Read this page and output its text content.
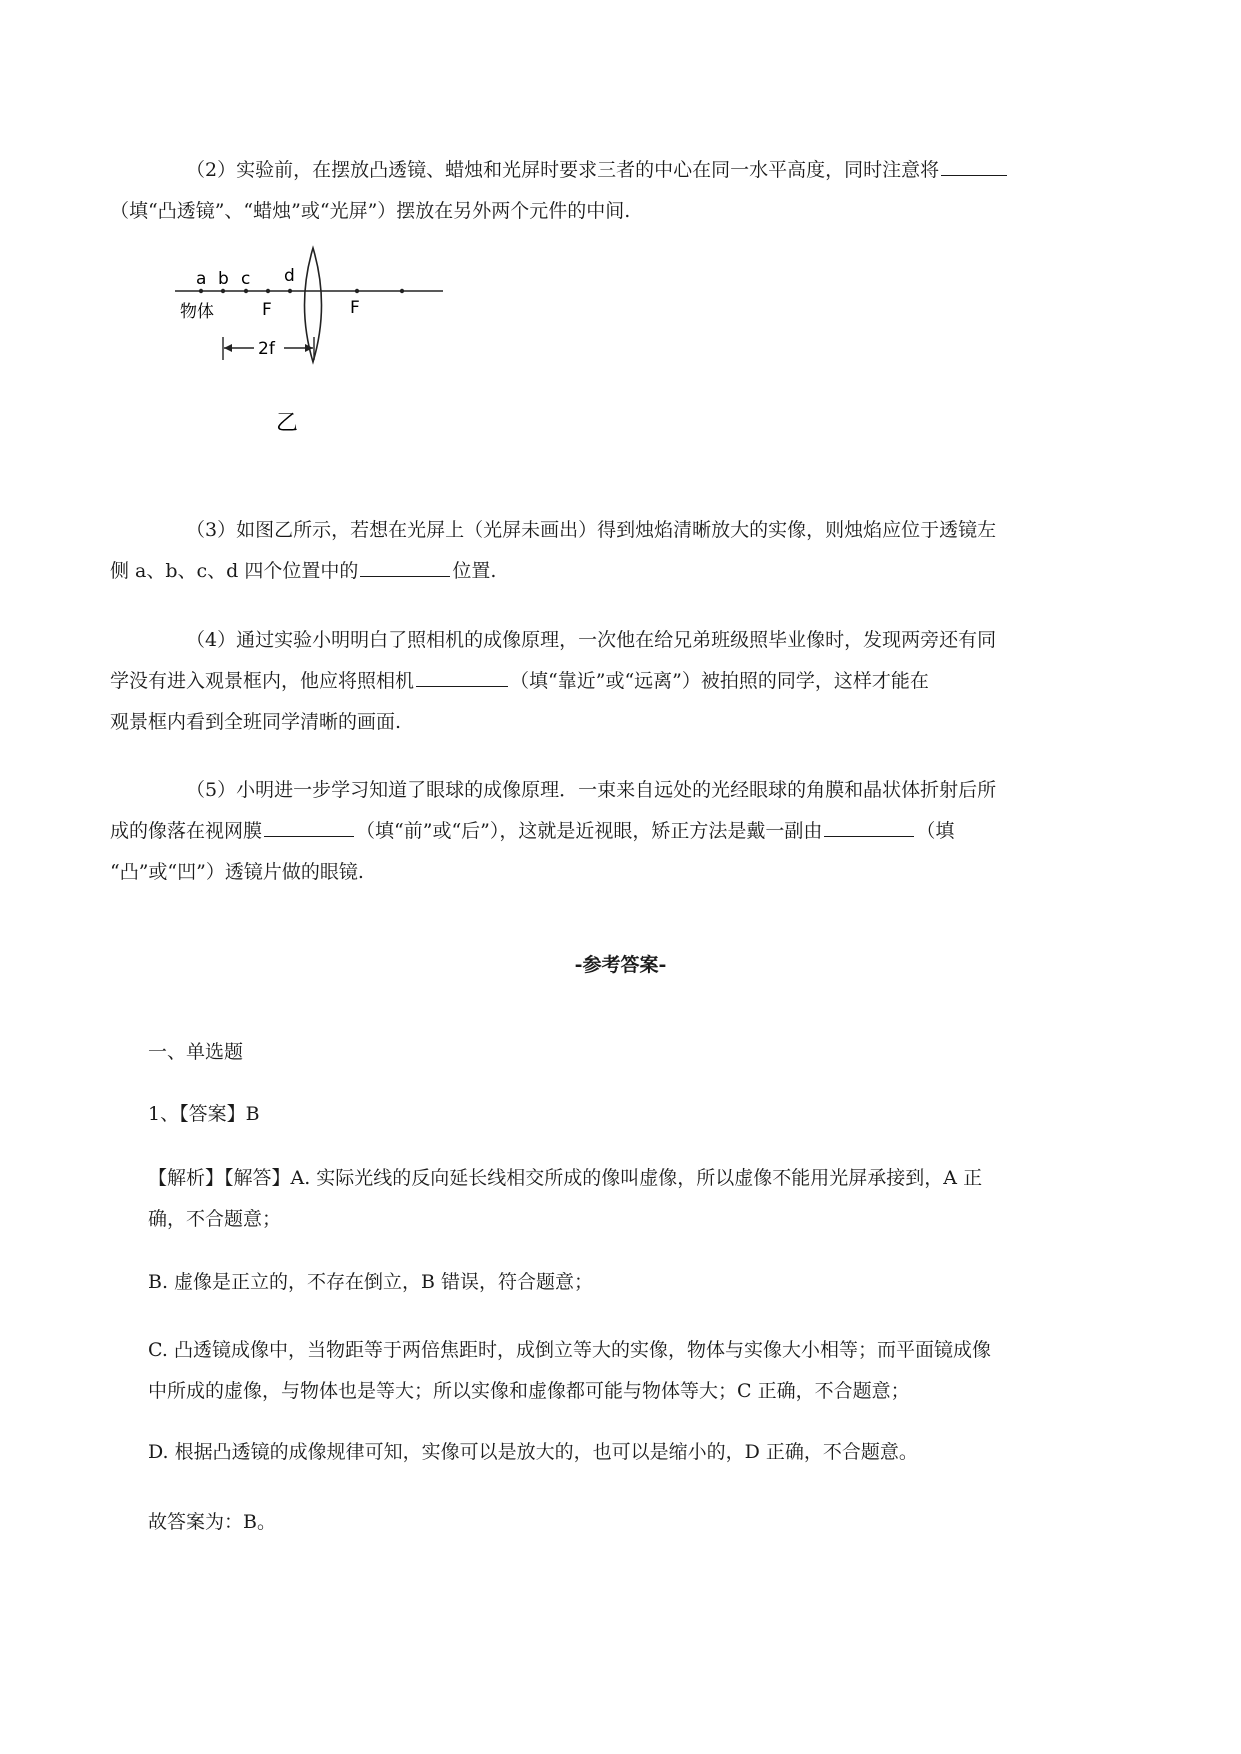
（2）实验前，在摆放凸透镜、蜡烛和光屏时要求三者的中心在同一水平高度，同时注意将
（填“凸透镜”、“蜡烛”或“光屏”）摆放在另外两个元件的中间.

a b c d
物体	F	F
2f
乙

（3）如图乙所示，若想在光屏上（光屏未画出）得到烛焰清晰放大的实像，则烛焰应位于透镜左
侧 a、b、c、d 四个位置中的	位置.

（4）通过实验小明明白了照相机的成像原理，一次他在给兄弟班级照毕业像时，发现两旁还有同
学没有进入观景框内，他应将照相机	（填“靠近”或“远离”）被拍照的同学，这样才能在
观景框内看到全班同学清晰的画面.

（5）小明进一步学习知道了眼球的成像原理．一束来自远处的光经眼球的角膜和晶状体折射后所
成的像落在视网膜	（填“前”或“后”），这就是近视眼，矫正方法是戴一副由	（填
“凸”或“凹”）透镜片做的眼镜.

-参考答案-

一、单选题

1、【答案】B

【解析】【解答】A. 实际光线的反向延长线相交所成的像叫虚像，所以虚像不能用光屏承接到，A 正
确，不合题意；

B. 虚像是正立的，不存在倒立，B 错误，符合题意；

C. 凸透镜成像中，当物距等于两倍焦距时，成倒立等大的实像，物体与实像大小相等；而平面镜成像
中所成的虚像，与物体也是等大；所以实像和虚像都可能与物体等大；C 正确，不合题意；

D. 根据凸透镜的成像规律可知，实像可以是放大的，也可以是缩小的，D 正确，不合题意。

故答案为：B。
